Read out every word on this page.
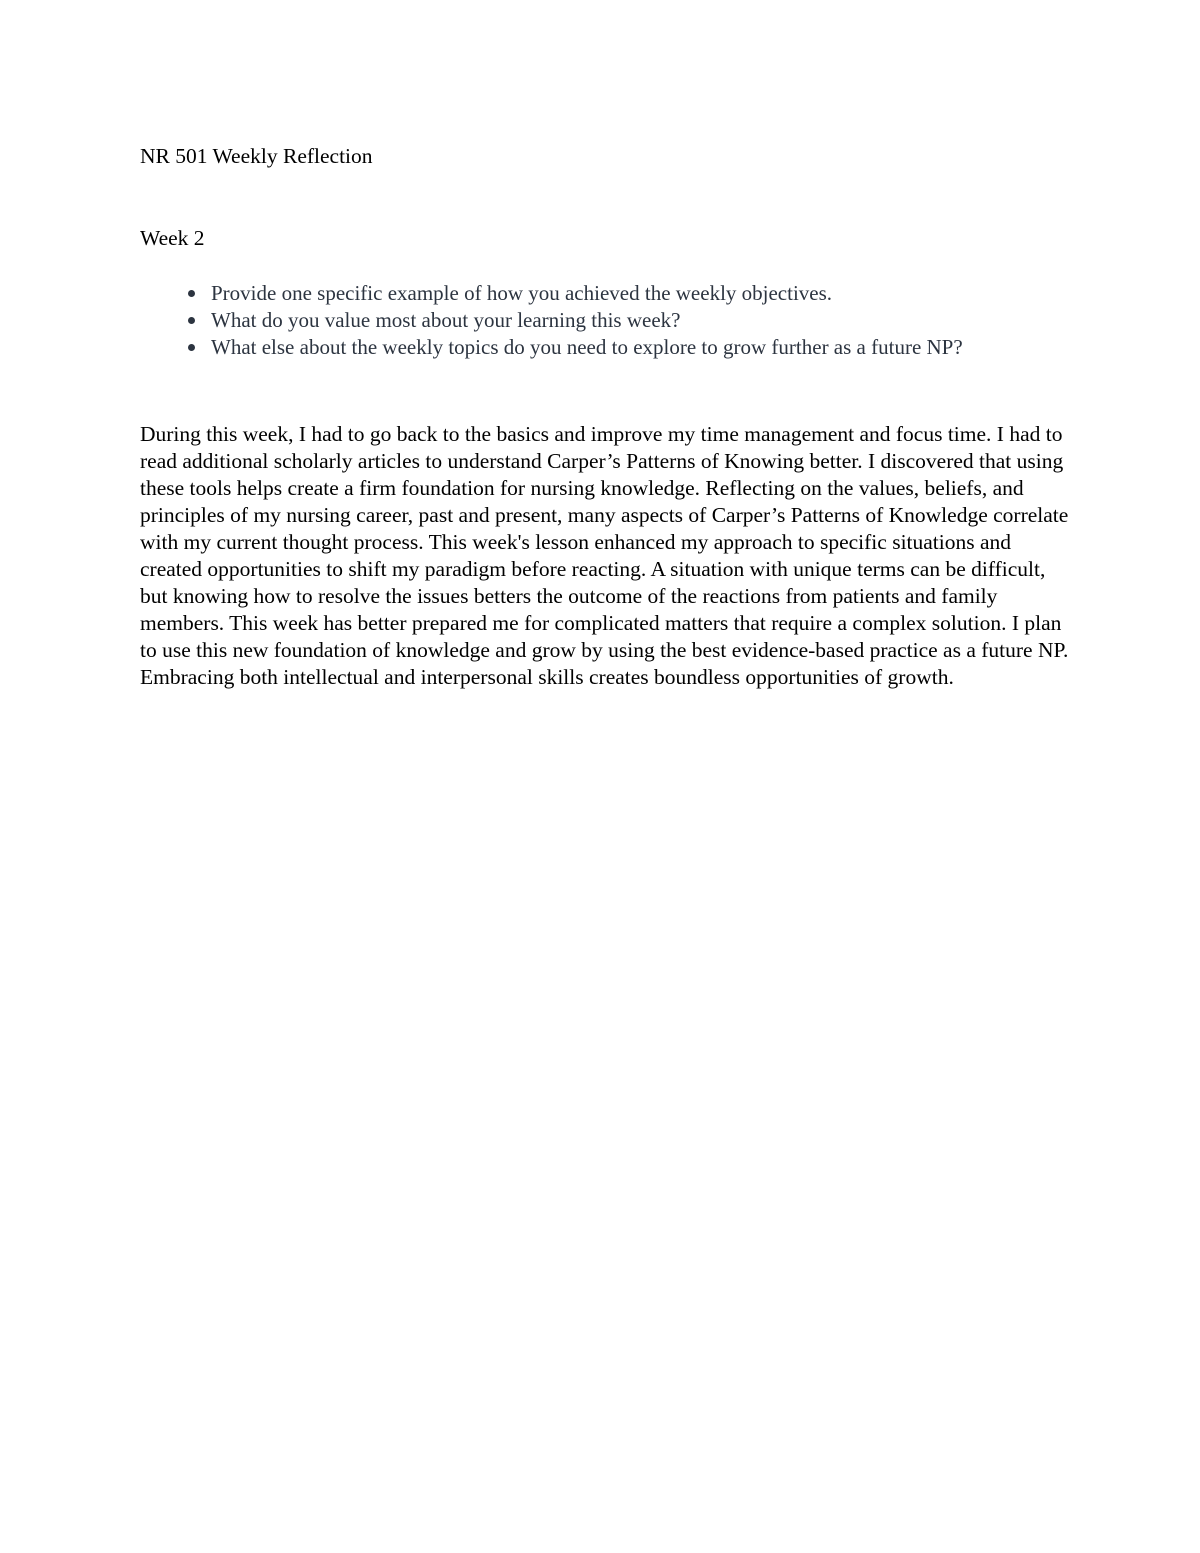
NR 501 Weekly Reflection
Week 2
Provide one specific example of how you achieved the weekly objectives.
What do you value most about your learning this week?
What else about the weekly topics do you need to explore to grow further as a future NP?

During this week, I had to go back to the basics and improve my time management and focus time. I had to read additional scholarly articles to understand Carper’s Patterns of Knowing better. I discovered that using these tools helps create a firm foundation for nursing knowledge. Reflecting on the values, beliefs, and principles of my nursing career, past and present, many aspects of Carper’s Patterns of Knowledge correlate with my current thought process. This week's lesson enhanced my approach to specific situations and created opportunities to shift my paradigm before reacting. A situation with unique terms can be difficult, but knowing how to resolve the issues betters the outcome of the reactions from patients and family members. This week has better prepared me for complicated matters that require a complex solution. I plan to use this new foundation of knowledge and grow by using the best evidence-based practice as a future NP. Embracing both intellectual and interpersonal skills creates boundless opportunities of growth.
